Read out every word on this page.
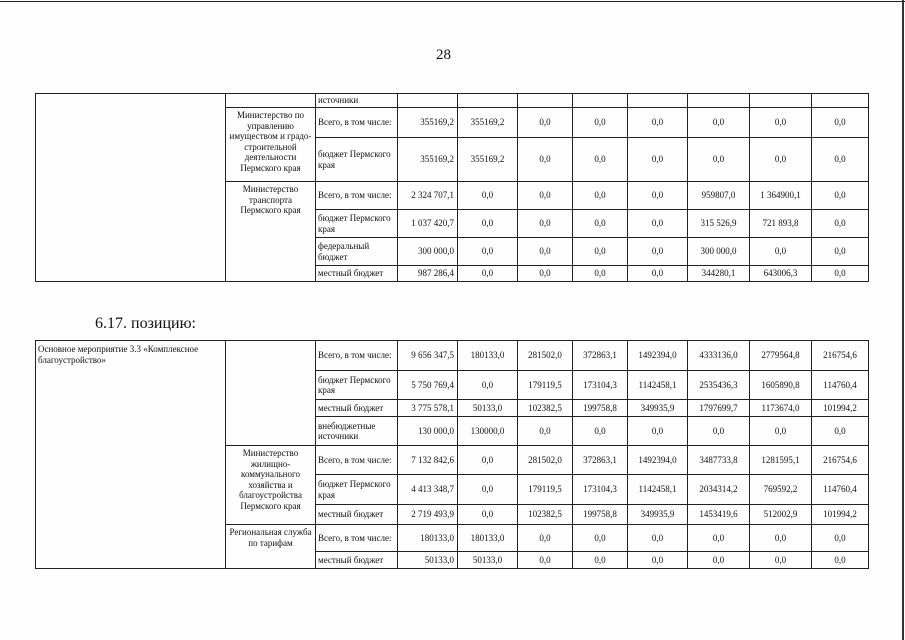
28
6.17. позицию:
		источники								
	Министерство по управлению имуществом и градо-строительной деятельности Пермского края	Всего, в том числе:	355169,2	355169,2	0,0	0,0	0,0	0,0	0,0	0,0
		бюджет Пермского края	355169,2	355169,2	0,0	0,0	0,0	0,0	0,0	0,0
	Министерство транспорта Пермского края	Всего, в том числе:	2 324 707,1	0,0	0,0	0,0	0,0	959807,0	1 364900,1	0,0
		бюджет Пермского края	1 037 420,7	0,0	0,0	0,0	0,0	315 526,9	721 893,8	0,0
		федеральный бюджет	300 000,0	0,0	0,0	0,0	0,0	300 000,0	0,0	0,0
		местный бюджет	987 286,4	0,0	0,0	0,0	0,0	344280,1	643006,3	0,0
Основное мероприятие 3.3 «Комплексное благоустройство»		Всего, в том числе:	9 656 347,5	180133,0	281502,0	372863,1	1492394,0	4333136,0	2779564,8	216754,6
		бюджет Пермского края	5 750 769,4	0,0	179119,5	173104,3	1142458,1	2535436,3	1605890,8	114760,4
		местный бюджет	3 775 578,1	50133,0	102382,5	199758,8	349935,9	1797699,7	1173674,0	101994,2
		внебюджетные источники	130 000,0	130000,0	0,0	0,0	0,0	0,0	0,0	0,0
	Министерство жилищно-коммунального хозяйства и благоустройства Пермского края	Всего, в том числе:	7 132 842,6	0,0	281502,0	372863,1	1492394,0	3487733,8	1281595,1	216754,6
		бюджет Пермского края	4 413 348,7	0,0	179119,5	173104,3	1142458,1	2034314,2	769592,2	114760,4
		местный бюджет	2 719 493,9	0,0	102382,5	199758,8	349935,9	1453419,6	512002,9	101994,2
	Региональная служба по тарифам	Всего, в том числе:	180133,0	180133,0	0,0	0,0	0,0	0,0	0,0	0,0
		местный бюджет	50133,0	50133,0	0,0	0,0	0,0	0,0	0,0	0,0
